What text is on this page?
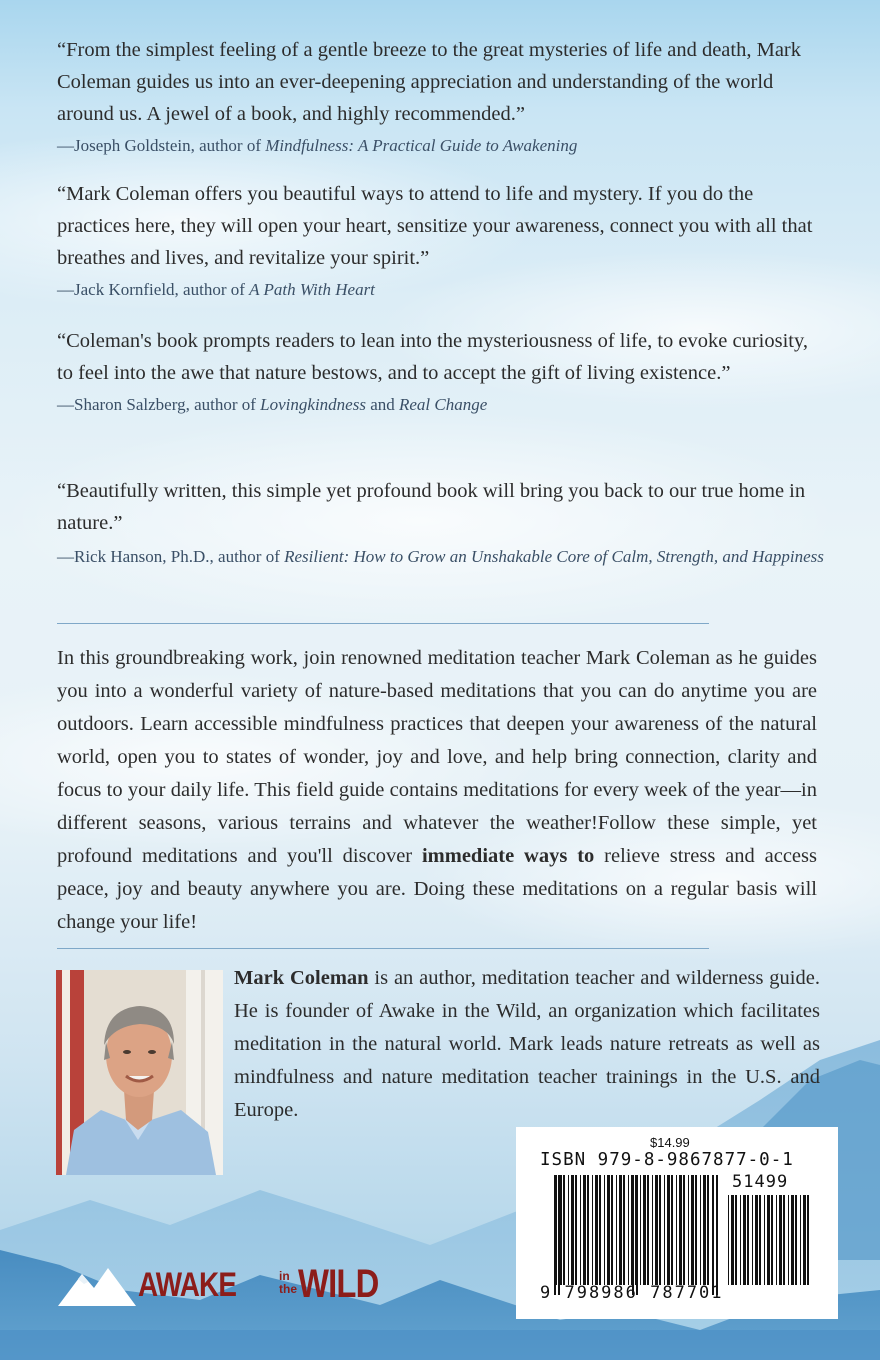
“From the simplest feeling of a gentle breeze to the great mysteries of life and death, Mark Coleman guides us into an ever-deepening appreciation and understanding of the world around us. A jewel of a book, and highly recommended.”

—Joseph Goldstein, author of Mindfulness: A Practical Guide to Awakening

“Mark Coleman offers you beautiful ways to attend to life and mystery. If you do the practices here, they will open your heart, sensitize your awareness, connect you with all that breathes and lives, and revitalize your spirit.”

—Jack Kornfield, author of A Path With Heart

“Coleman's book prompts readers to lean into the mysteriousness of life, to evoke curiosity, to feel into the awe that nature bestows, and to accept the gift of living existence.”

—Sharon Salzberg, author of Lovingkindness and Real Change

“Beautifully written, this simple yet profound book will bring you back to our true home in nature.”

—Rick Hanson, Ph.D., author of Resilient: How to Grow an Unshakable Core of Calm, Strength, and Happiness
In this groundbreaking work, join renowned meditation teacher Mark Coleman as he guides you into a wonderful variety of nature-based meditations that you can do anytime you are outdoors. Learn accessible mindfulness practices that deepen your awareness of the natural world, open you to states of wonder, joy and love, and help bring connection, clarity and focus to your daily life. This field guide contains meditations for every week of the year—in different seasons, various terrains and whatever the weather!Follow these simple, yet profound meditations and you'll discover immediate ways to relieve stress and access peace, joy and beauty anywhere you are. Doing these meditations on a regular basis will change your life!
Mark Coleman is an author, meditation teacher and wilderness guide. He is founder of Awake in the Wild, an organization which facilitates meditation in the natural world. Mark leads nature retreats as well as mindfulness and nature meditation teacher trainings in the U.S. and Europe.
AWAKE	in
the WILD
$14.99
ISBN 979-8-9867877-0-1
51499
9 798986 787701
